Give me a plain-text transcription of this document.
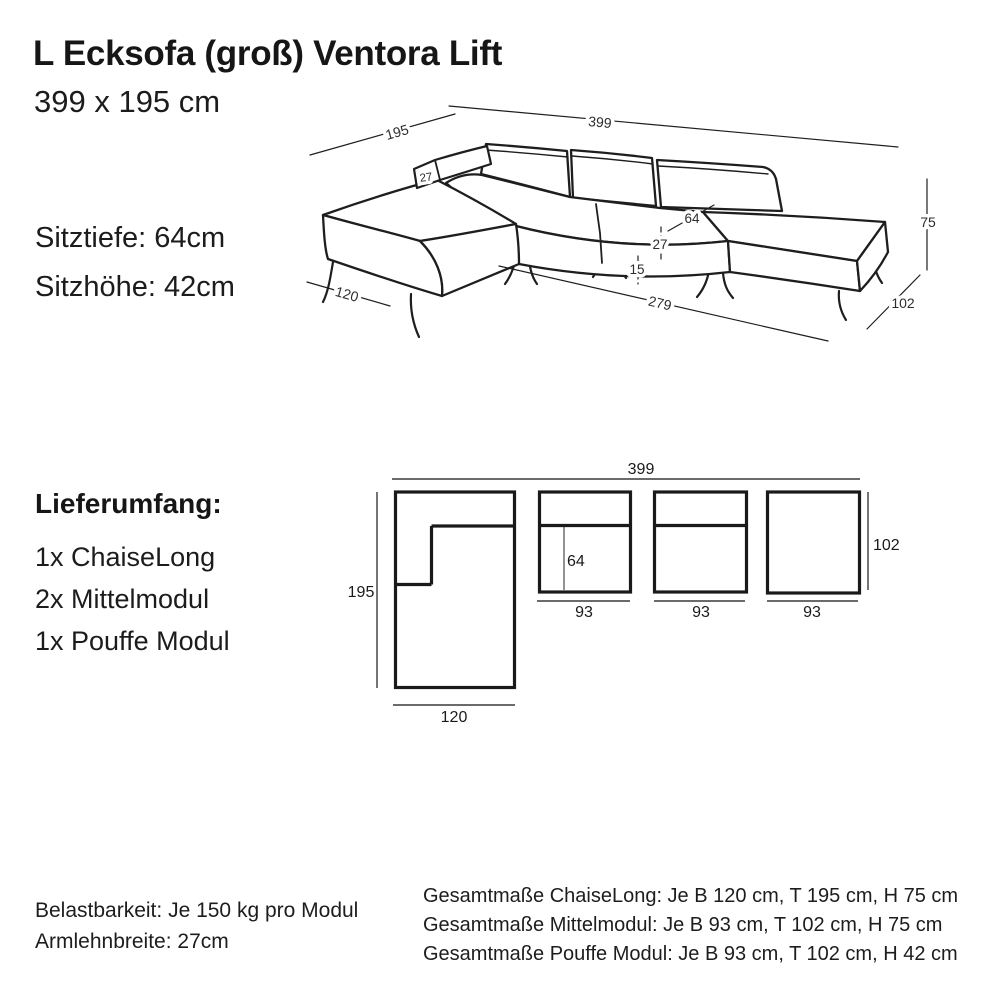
L Ecksofa (groß) Ventora Lift
399 x 195 cm
Sitztiefe: 64cm
Sitzhöhe: 42cm
Lieferumfang:
1x ChaiseLong
2x Mittelmodul
1x Pouffe Modul
Belastbarkeit: Je 150 kg pro Modul
Armlehnbreite: 27cm
Gesamtmaße ChaiseLong: Je B 120 cm, T 195 cm, H 75 cm
Gesamtmaße Mittelmodul: Je B 93 cm, T 102 cm, H 75 cm
Gesamtmaße Pouffe Modul: Je B 93 cm, T 102 cm, H 42 cm
195	399
27
64
27
15
75
120	279	102
399
195
120
64
93	93	93
102
